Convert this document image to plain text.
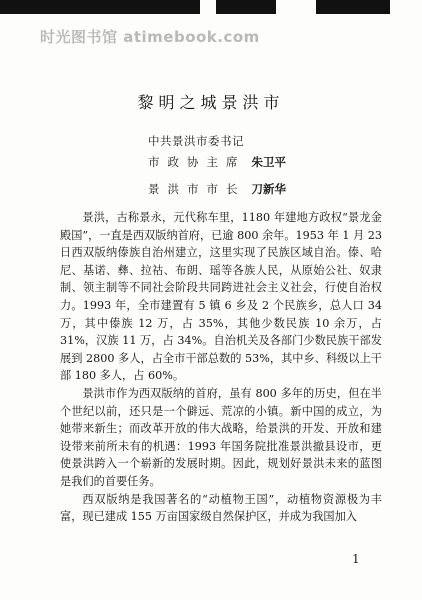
时光图书馆 atimebook.com
黎明之城景洪市
中共景洪市委书记
市政协主席 朱卫平
景洪市市长 刀新华

景洪，古称景永，元代称车里，1180 年建地方政权“景龙金殿国”，一直是西双版纳首府，已逾 800 余年。1953 年 1 月 23 日西双版纳傣族自治州建立，这里实现了民族区域自治。傣、哈尼、基诺、彝、拉祜、布朗、瑶等各族人民，从原始公社、奴隶制、领主制等不同社会阶段共同跨进社会主义社会，行使自治权力。1993 年，全市建置有 5 镇 6 乡及 2 个民族乡，总人口 34 万，其中傣族 12 万，占 35%，其他少数民族 10 余万，占 31%，汉族 11 万，占 34%。自治机关及各部门少数民族干部发展到 2800 多人，占全市干部总数的 53%，其中乡、科级以上干部 180 多人，占 60%。

景洪市作为西双版纳的首府，虽有 800 多年的历史，但在半个世纪以前，还只是一个僻远、荒凉的小镇。新中国的成立，为她带来新生；而改革开放的伟大战略，给景洪的开发、开放和建设带来前所未有的机遇：1993 年国务院批准景洪撤县设市，更使景洪跨入一个崭新的发展时期。因此，规划好景洪未来的蓝图是我们的首要任务。

西双版纳是我国著名的“动植物王国”，动植物资源极为丰富，现已建成 155 万亩国家级自然保护区，并成为我国加入

1
